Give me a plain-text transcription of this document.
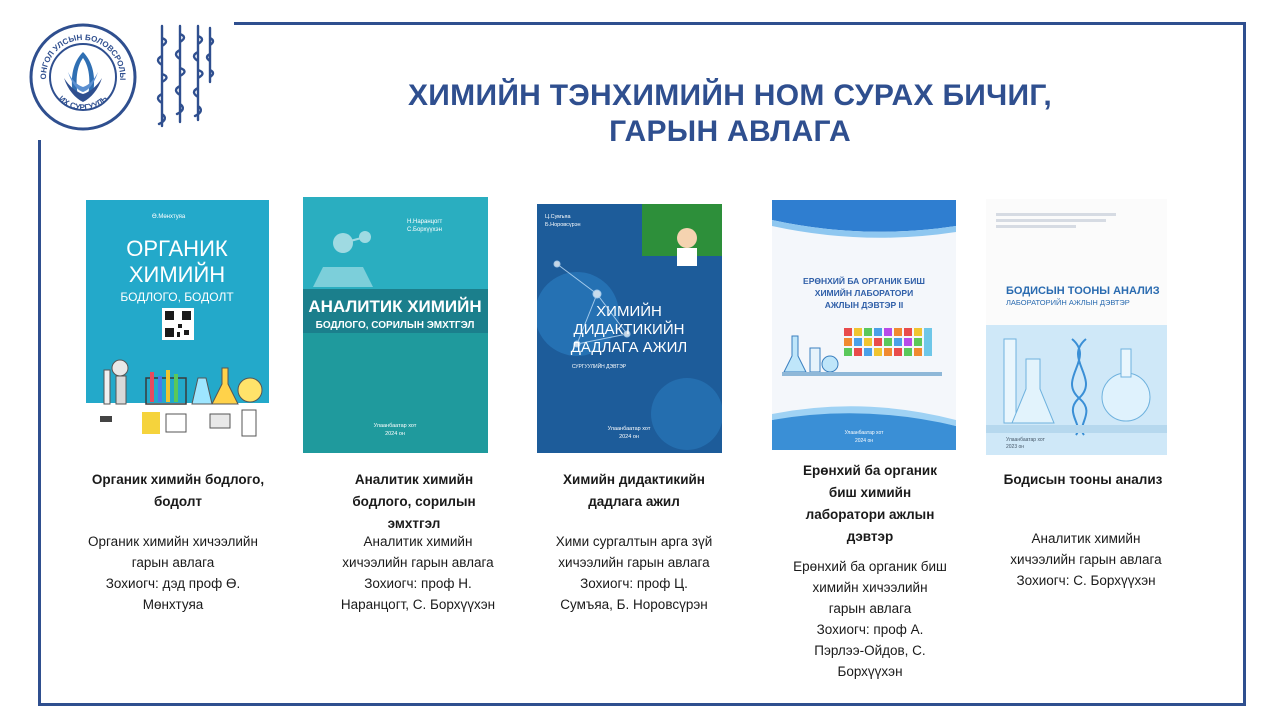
ОНГОЛ УЛСЫН БОЛОВСРОЛЫ
ИХ СУРГУУЛЬ	ХИМИЙН ТЭНХИМИЙН НОМ СУРАХ БИЧИГ,
ГАРЫН АВЛАГА
Ө.Мөнхтуяа
ОРГАНИК
ХИМИЙН
БОДЛОГО, БОДОЛТ
Н.Наранцогт
С.Борхүүхэн
АНАЛИТИК ХИМИЙН
БОДЛОГО, СОРИЛЫН ЭМХТГЭЛ
Улаанбаатар хот
2024 он
Ц.Сумъяа
Б.Норовсүрэн
ХИМИЙН
ДИДАКТИКИЙН
ДАДЛАГА АЖИЛ
СУРГУУЛИЙН ДЭВТЭР
Улаанбаатар хот
2024 он
ЕРӨНХИЙ БА ОРГАНИК БИШ
ХИМИЙН ЛАБОРАТОРИ
АЖЛЫН ДЭВТЭР II
Улаанбаатар хот
2024 он
БОДИСЫН ТООНЫ АНАЛИЗ
ЛАБОРАТОРИЙН АЖЛЫН ДЭВТЭР
Улаанбаатар хот
2023 он
Органик химийн бодлого, бодолт
Аналитик химийн бодлого, сорилын эмхтгэл
Химийн дидактикийн дадлага ажил
Ерөнхий ба органик биш химийн лаборатори ажлын дэвтэр
Бодисын тооны анализ
Органик химийн хичээлийн
гарын авлага
Зохиогч: дэд проф Ө.
Мөнхтуяа
Аналитик химийн
хичээлийн гарын авлага
Зохиогч: проф Н.
Наранцогт, С. Борхүүхэн
Хими сургалтын арга зүй
хичээлийн гарын авлага
Зохиогч: проф Ц.
Сумъяа, Б. Норовсүрэн
Ерөнхий ба органик биш
химийн хичээлийн
гарын авлага
Зохиогч: проф А.
Пэрлээ-Ойдов, С.
Борхүүхэн
Аналитик химийн
хичээлийн гарын авлага
Зохиогч: С. Борхүүхэн
